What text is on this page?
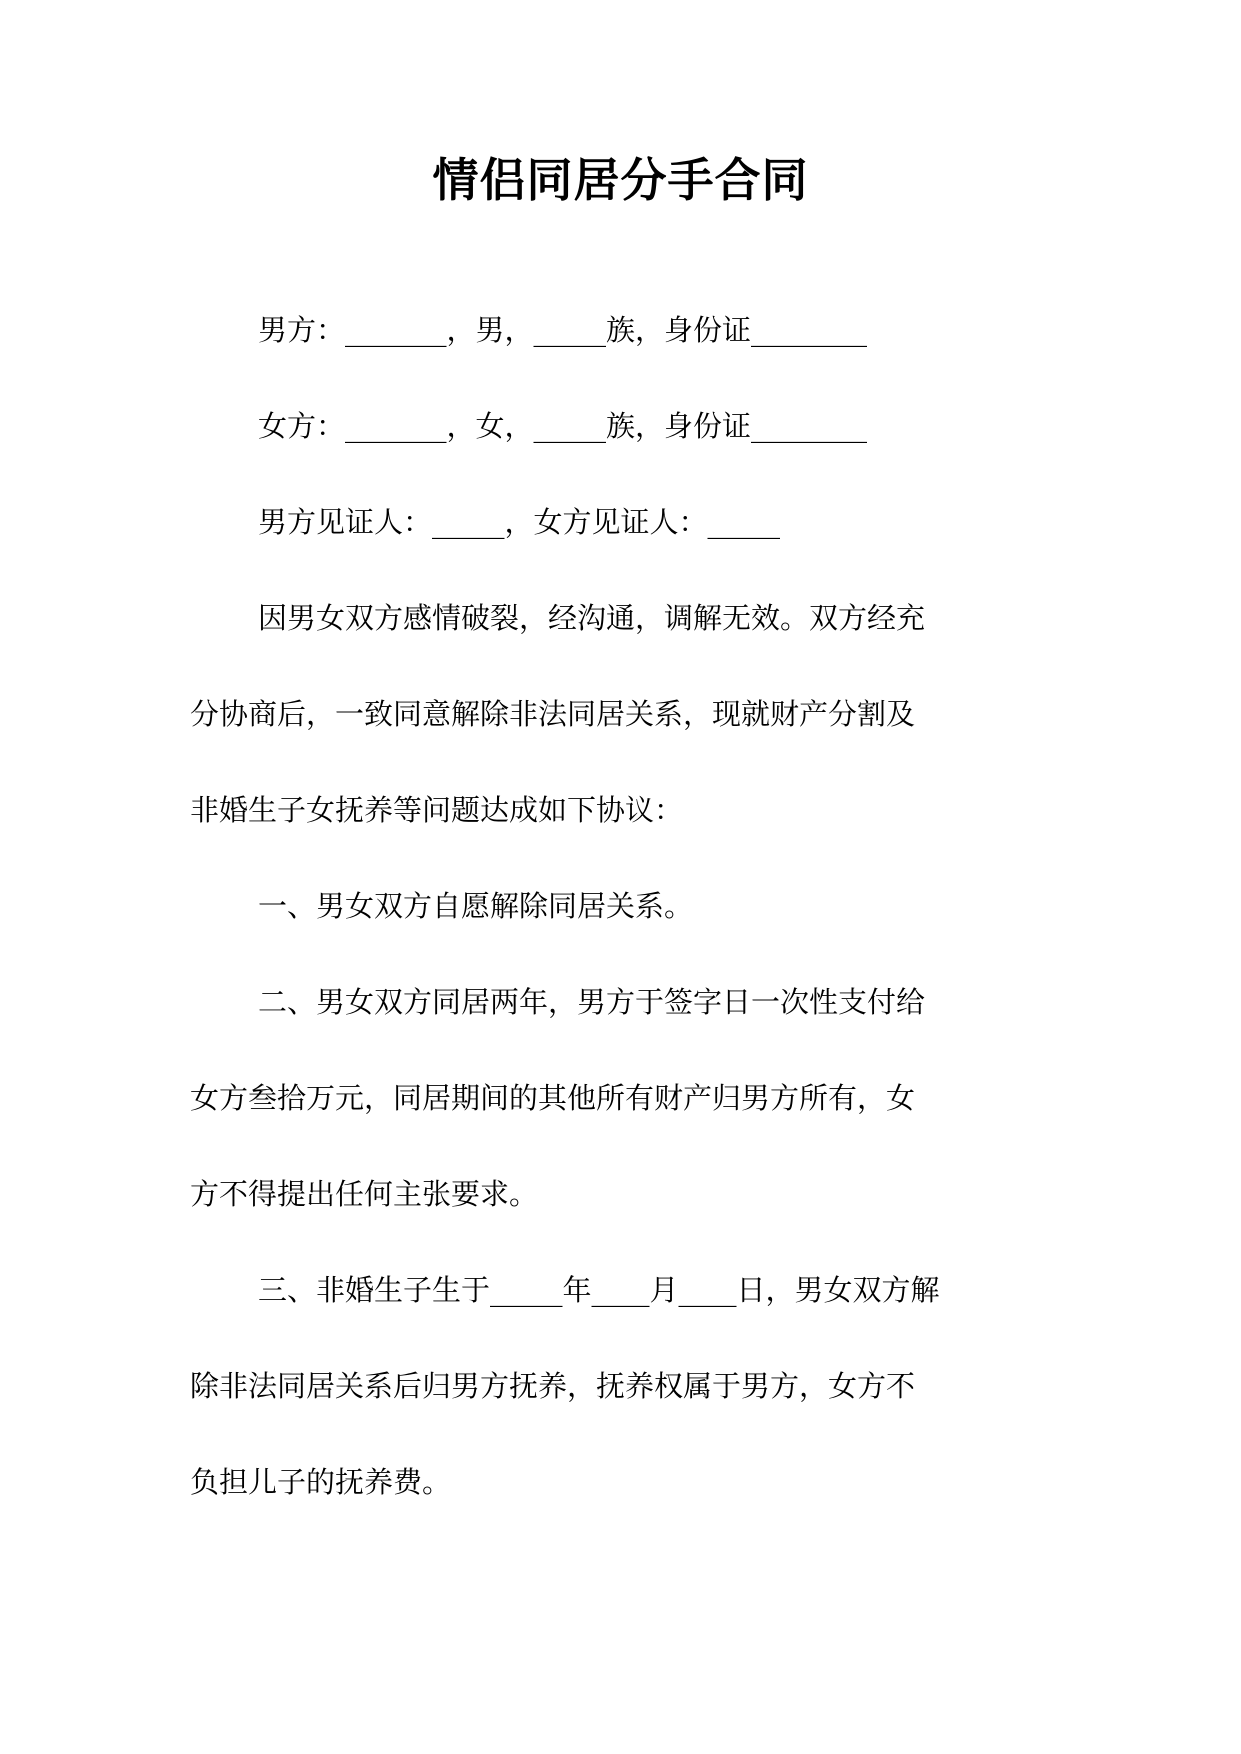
情侣同居分手合同
男方：_______，男，_____族，身份证________
女方：_______，女，_____族，身份证________
男方见证人：_____，女方见证人：_____
因男女双方感情破裂，经沟通，调解无效。双方经充
分协商后，一致同意解除非法同居关系，现就财产分割及
非婚生子女抚养等问题达成如下协议：
一、男女双方自愿解除同居关系。
二、男女双方同居两年，男方于签字日一次性支付给
女方叁拾万元，同居期间的其他所有财产归男方所有，女
方不得提出任何主张要求。
三、非婚生子生于_____年____月____日，男女双方解
除非法同居关系后归男方抚养，抚养权属于男方，女方不
负担儿子的抚养费。
